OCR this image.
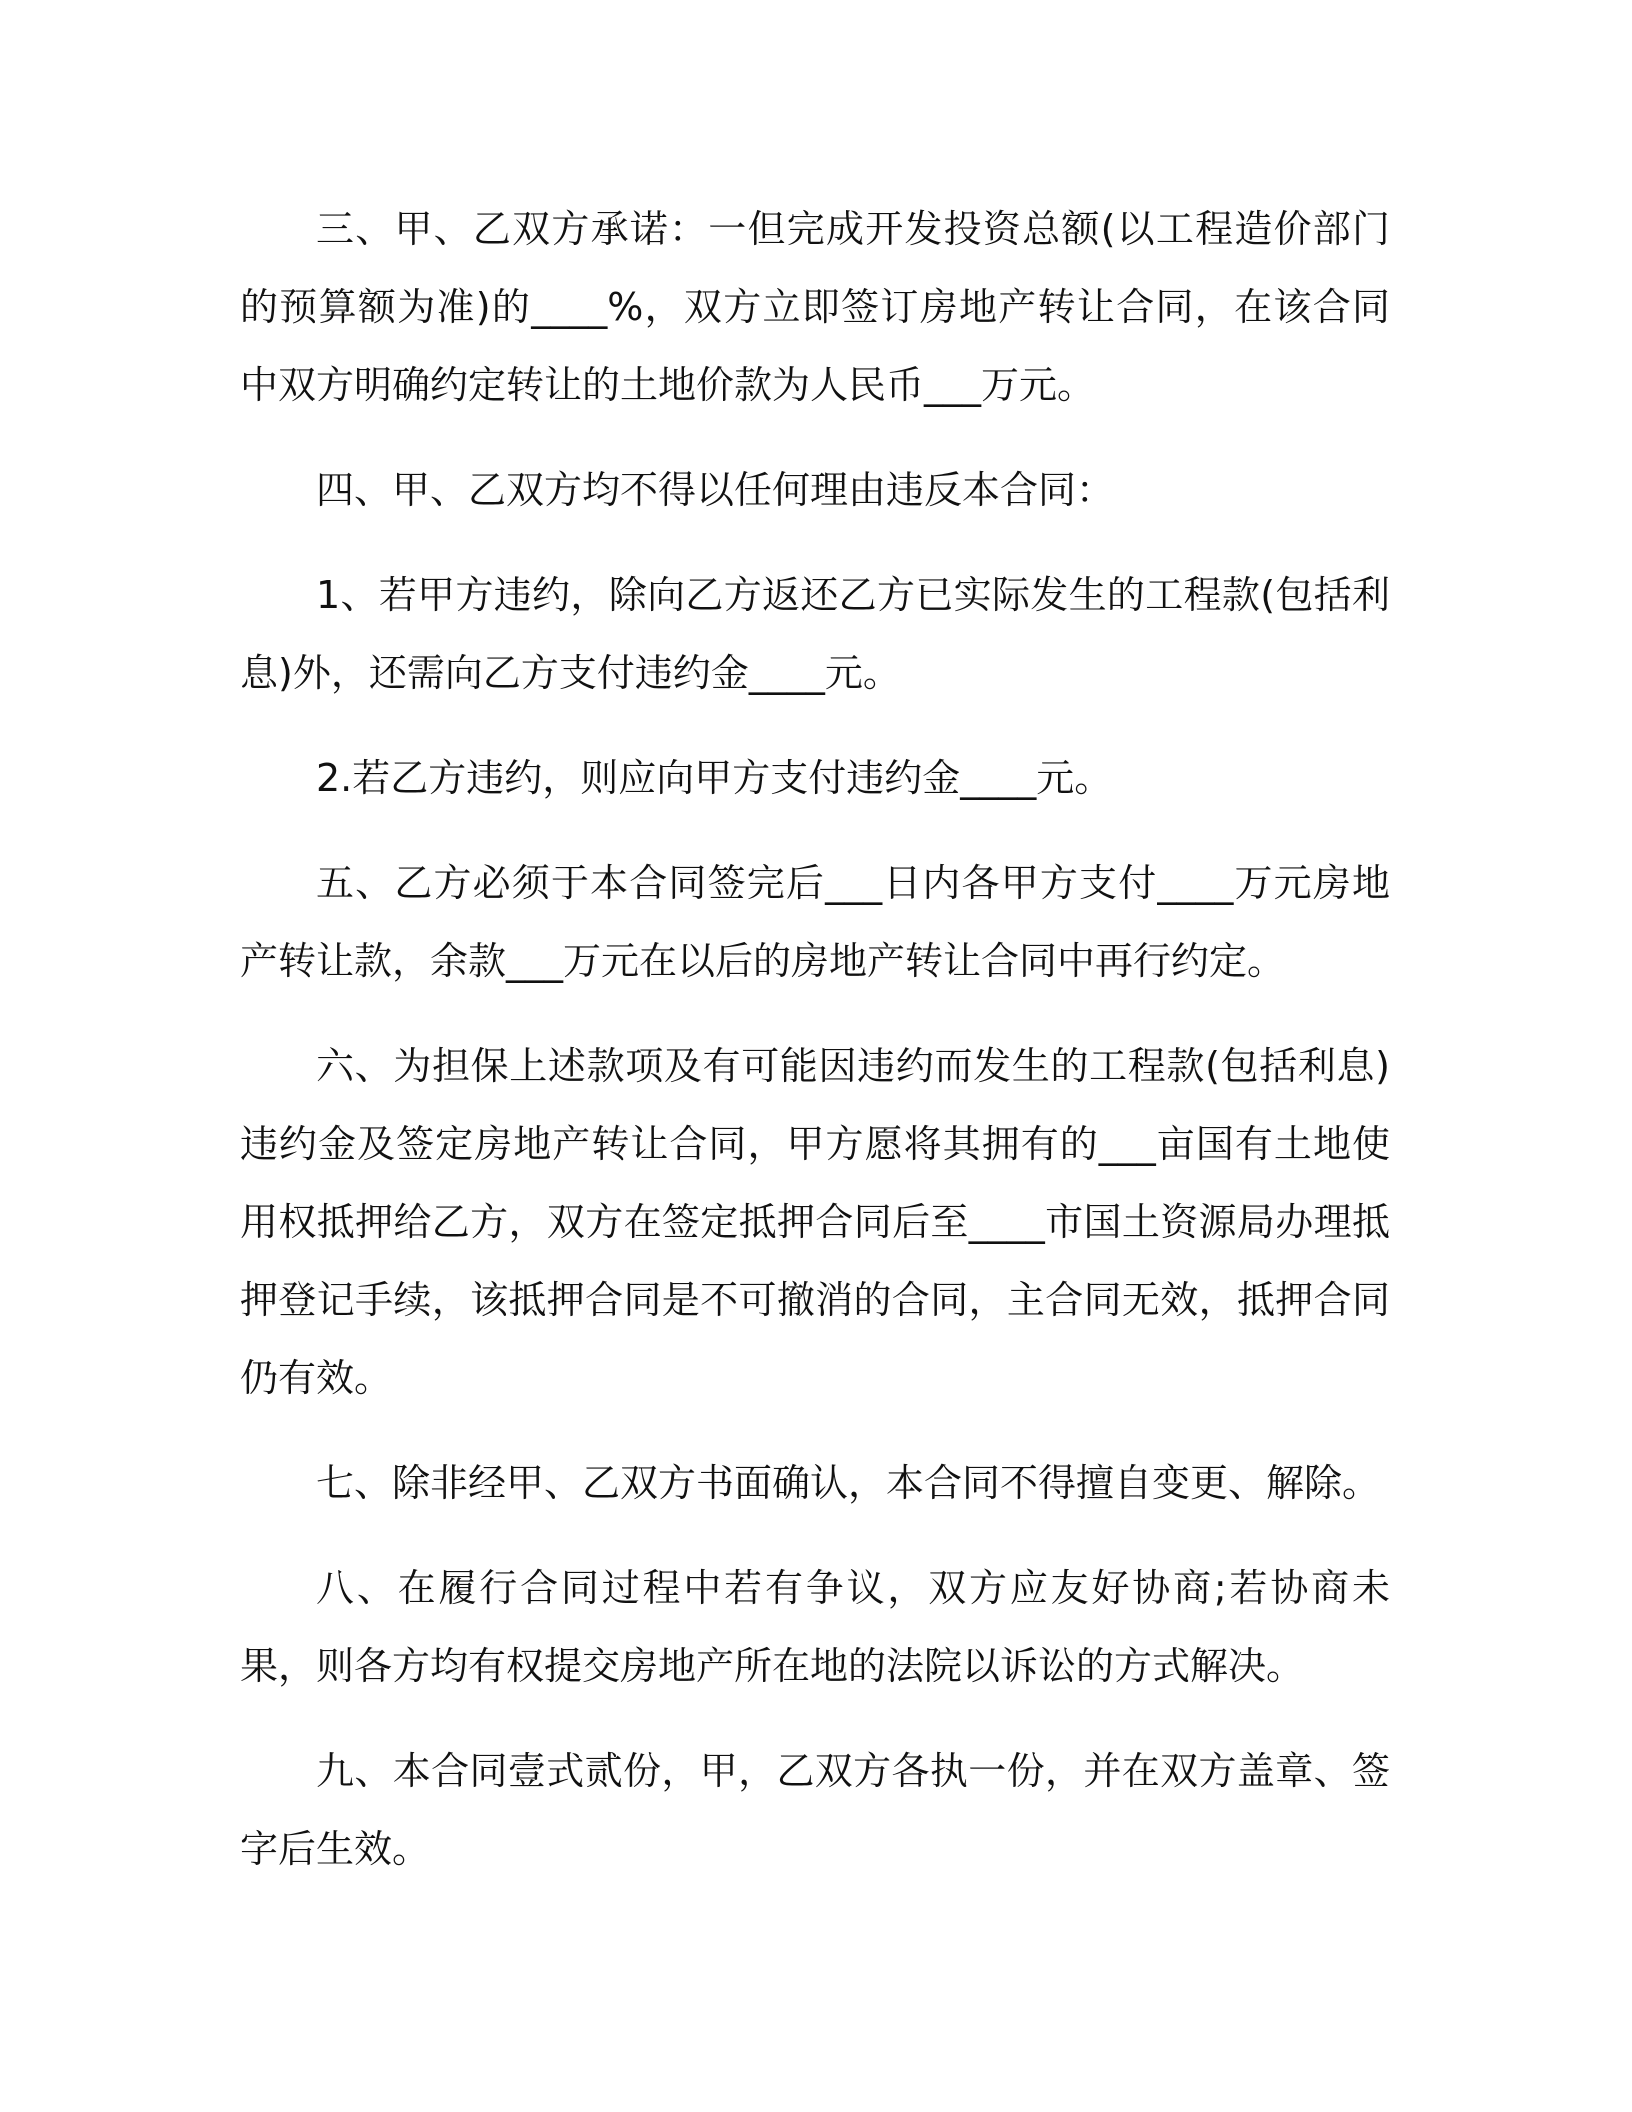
三、甲、乙双方承诺：一但完成开发投资总额(以工程造价部门的预算额为准)的____%，双方立即签订房地产转让合同，在该合同中双方明确约定转让的土地价款为人民币___万元。

四、甲、乙双方均不得以任何理由违反本合同：

1、若甲方违约，除向乙方返还乙方已实际发生的工程款(包括利息)外，还需向乙方支付违约金____元。

2.若乙方违约，则应向甲方支付违约金____元。

五、乙方必须于本合同签完后___日内各甲方支付____万元房地产转让款，余款___万元在以后的房地产转让合同中再行约定。

六、为担保上述款项及有可能因违约而发生的工程款(包括利息)违约金及签定房地产转让合同，甲方愿将其拥有的___亩国有土地使用权抵押给乙方，双方在签定抵押合同后至____市国土资源局办理抵押登记手续，该抵押合同是不可撤消的合同，主合同无效，抵押合同仍有效。

七、除非经甲、乙双方书面确认，本合同不得擅自变更、解除。

八、在履行合同过程中若有争议，双方应友好协商;若协商未果，则各方均有权提交房地产所在地的法院以诉讼的方式解决。

九、本合同壹式贰份，甲，乙双方各执一份，并在双方盖章、签字后生效。
